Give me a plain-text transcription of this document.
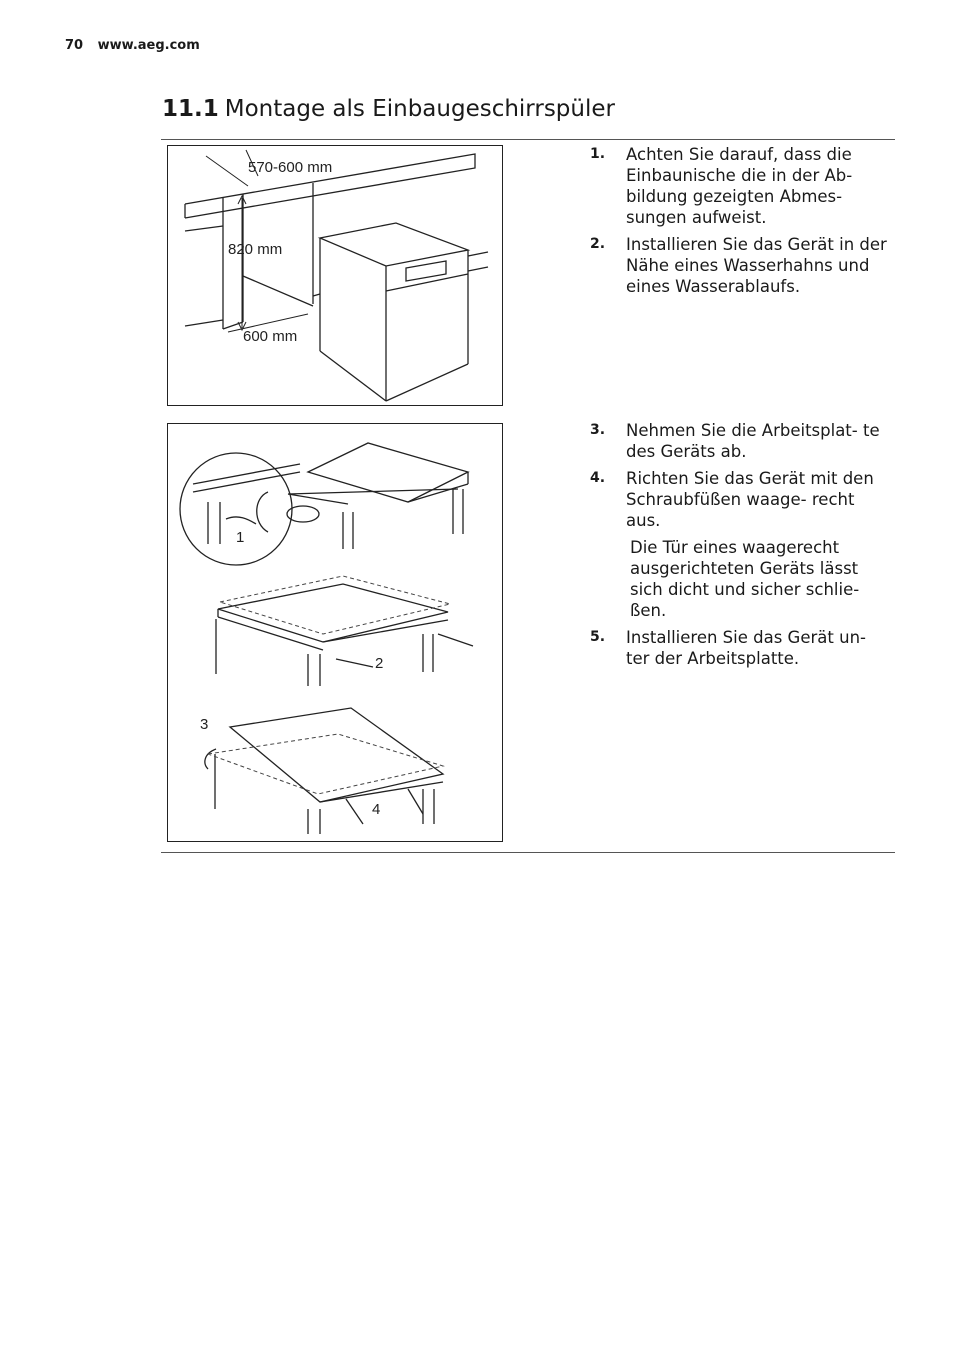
70 www.aeg.com
11.1 Montage als Einbaugeschirrspüler
570-600 mm
820 mm
600 mm
1.	Achten Sie darauf, dass die Einbaunische die in der Ab- bildung gezeigten Abmes- sungen aufweist.
2.	Installieren Sie das Gerät in der Nähe eines Wasserhahns und eines Wasserablaufs.
1
2
3
4
3.	Nehmen Sie die Arbeitsplat- te des Geräts ab.
4.	Richten Sie das Gerät mit den Schraubfüßen waage- recht aus.
Die Tür eines waagerecht ausgerichteten Geräts lässt sich dicht und sicher schlie- ßen.
5.	Installieren Sie das Gerät un- ter der Arbeitsplatte.
